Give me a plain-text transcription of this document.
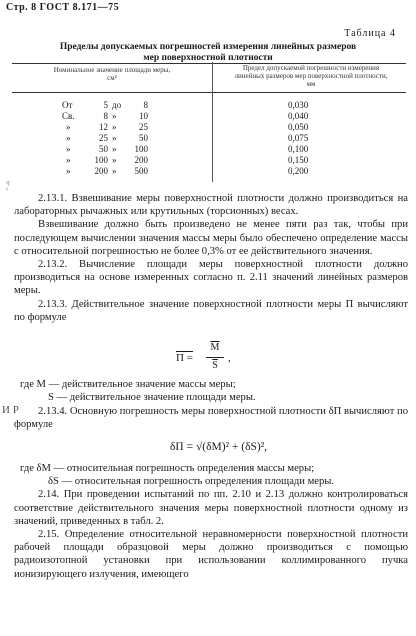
Стр. 8 ГОСТ 8.171—75
Таблица 4
Пределы допускаемых погрешностей измерения линейных размеров
мер поверхностной плотности
Номинальное значение площади меры,
см²
Предел допускаемой погрешности измерения
линейных размеров мер поверхностной плотности,
мм
От	5 до	8	0,030
Св.	8 »	10	0,040
»	12 »	25	0,050
»	25 »	50	0,075
»	50 »	100	0,100
»	100 »	200	0,150
»	200 »	500	0,200
¦ˡ

2.13.1. Взвешивание меры поверхностной плотности должно производиться на лабораторных рычажных или крутильных (торсионных) весах.

Взвешивание должно быть произведено не менее пяти раз так, чтобы при последующем вычислении значения массы меры было обеспечено определение массы с относительной погрешностью не более 0,3% от ее действительного значения.

2.13.2. Вычисление площади меры поверхностной плотности должно производиться на основе измеренных согласно п. 2.11 значений линейных размеров меры.

2.13.3. Действительное значение поверхностной плотности меры П вычисляют по формуле

П =
$\overline{M}$
$\overline{S}$
,

где M — действительное значение массы меры;

S — действительное значение площади меры.

И Р	2.13.4. Основную погрешность меры поверхностной плотности δП вычисляют по формуле

δП = √(δM)² + (δS)²,

где δM — относительная погрешность определения массы меры;

δS — относительная погрешность определения площади меры.

2.14. При проведении испытаний по пп. 2.10 и 2.13 должно контролироваться соответствие действительного значения меры поверхностной плотности одному из значений, приведенных в табл. 2.

2.15. Определение относительной неравномерности поверхностной плотности рабочей площади образцовой меры должно производиться с помощью радиоизотопной установки при использовании коллимированного пучка ионизирующего излучения, имеющего
